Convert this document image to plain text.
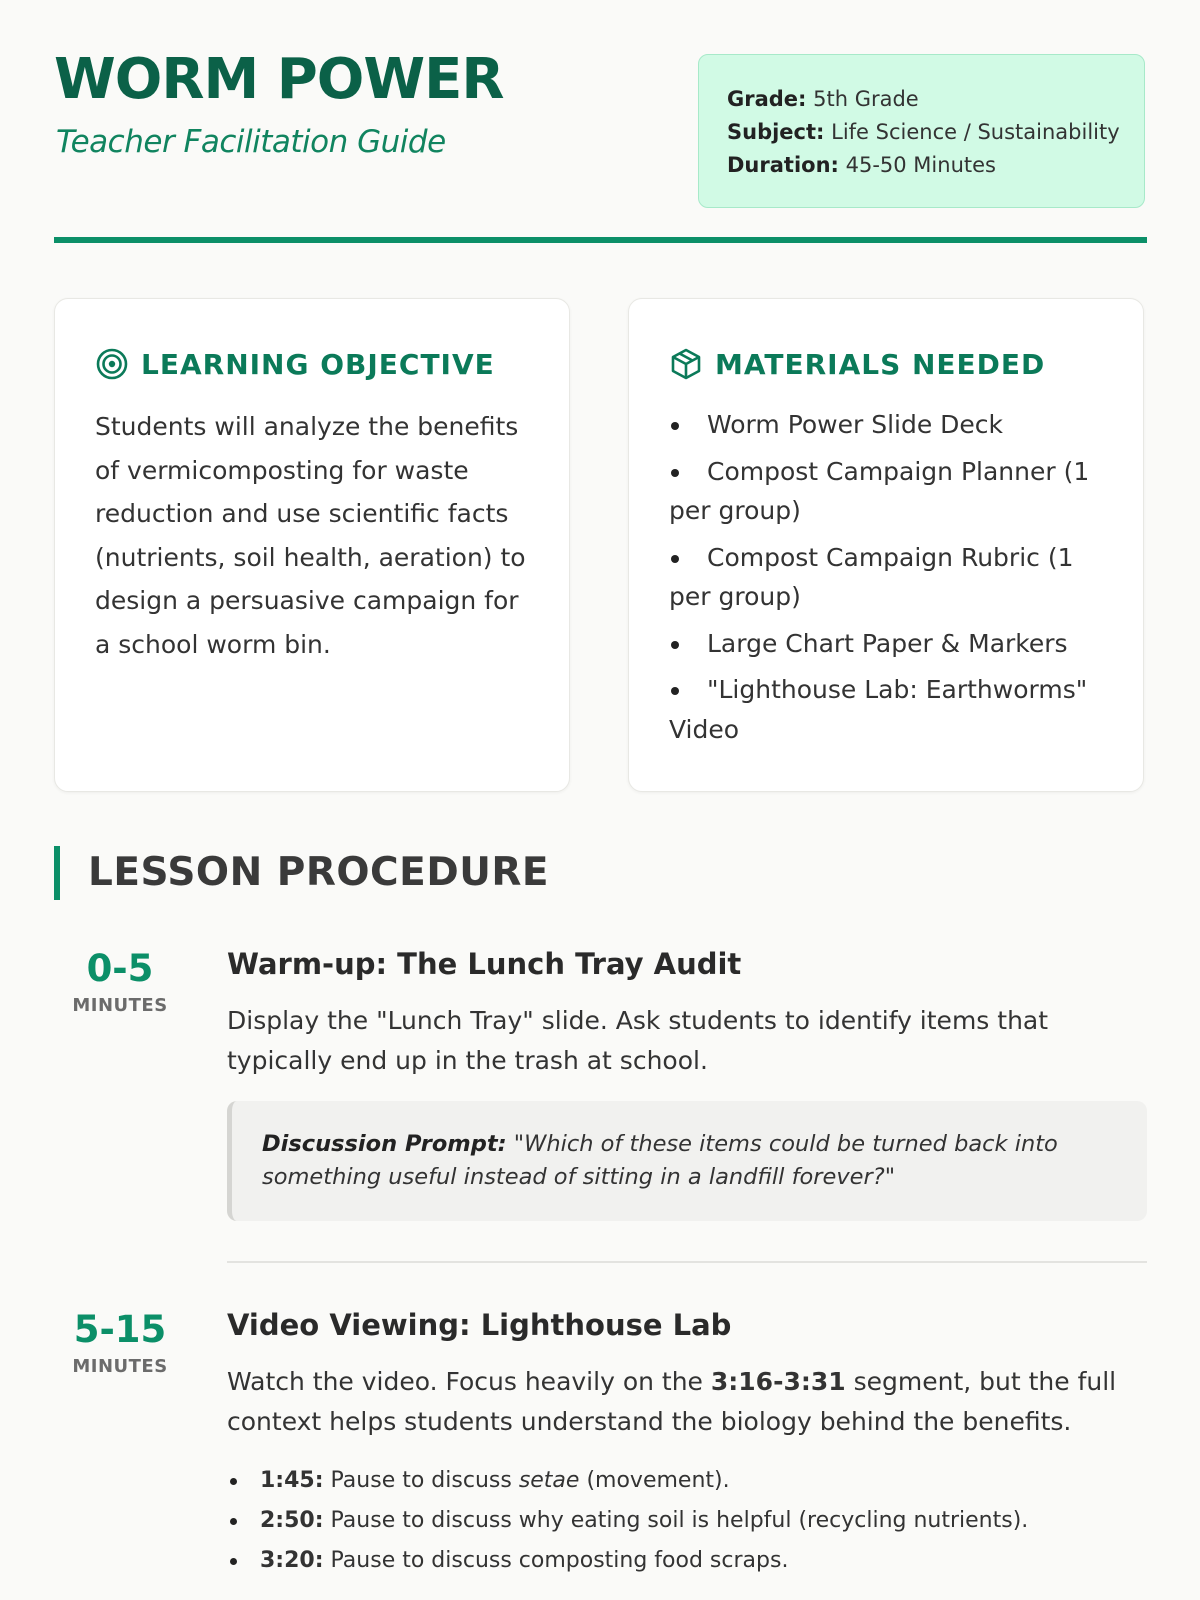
WORM POWER
Teacher Facilitation Guide
Grade: 5th Grade
Subject: Life Science / Sustainability
Duration: 45-50 Minutes
LEARNING OBJECTIVE

Students will analyze the benefits of vermicomposting for waste reduction and use scientific facts (nutrients, soil health, aeration) to design a persuasive campaign for a school worm bin.

MATERIALS NEEDED
Worm Power Slide Deck
Compost Campaign Planner (1 per group)
Compost Campaign Rubric (1 per group)
Large Chart Paper & Markers
"Lighthouse Lab: Earthworms" Video
LESSON PROCEDURE
0-5
MINUTES
Warm-up: The Lunch Tray Audit

Display the "Lunch Tray" slide. Ask students to identify items that typically end up in the trash at school.

Discussion Prompt: "Which of these items could be turned back into something useful instead of sitting in a landfill forever?"
5-15
MINUTES
Video Viewing: Lighthouse Lab

Watch the video. Focus heavily on the 3:16-3:31 segment, but the full context helps students understand the biology behind the benefits.

1:45: Pause to discuss setae (movement).
2:50: Pause to discuss why eating soil is helpful (recycling nutrients).
3:20: Pause to discuss composting food scraps.
